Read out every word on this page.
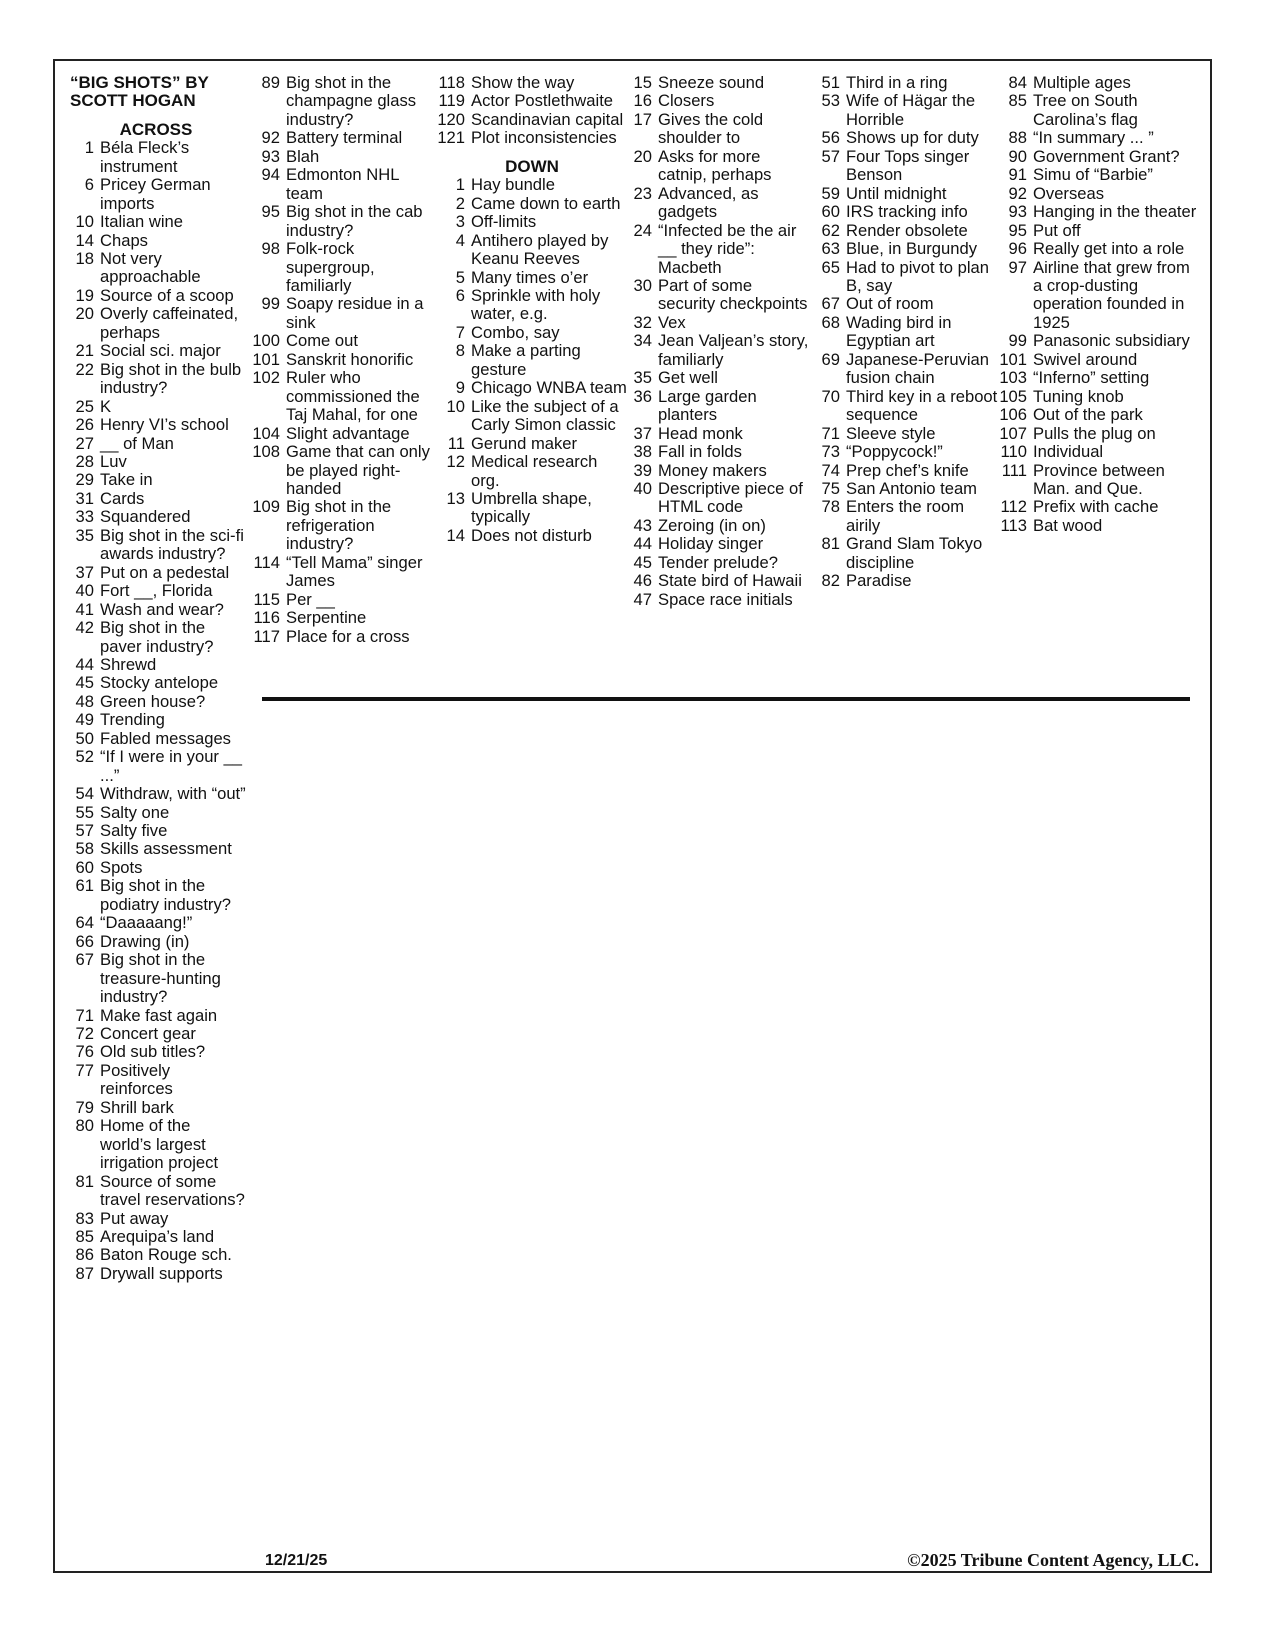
“BIG SHOTS” BY
SCOTT HOGAN
ACROSS
1 Béla Fleck’s instrument
6 Pricey German imports
10 Italian wine
14 Chaps
18 Not very approachable
19 Source of a scoop
20 Overly caffeinated, perhaps
21 Social sci. major
22 Big shot in the bulb industry?
25 K
26 Henry VI’s school
27 __ of Man
28 Luv
29 Take in
31 Cards
33 Squandered
35 Big shot in the sci-fi awards industry?
37 Put on a pedestal
40 Fort __, Florida
41 Wash and wear?
42 Big shot in the paver industry?
44 Shrewd
45 Stocky antelope
48 Green house?
49 Trending
50 Fabled messages
52 “If I were in your __ ...”
54 Withdraw, with “out”
55 Salty one
57 Salty five
58 Skills assessment
60 Spots
61 Big shot in the podiatry industry?
64 “Daaaaang!”
66 Drawing (in)
67 Big shot in the treasure-hunting industry?
71 Make fast again
72 Concert gear
76 Old sub titles?
77 Positively reinforces
79 Shrill bark
80 Home of the world’s largest irrigation project
81 Source of some travel reservations?
83 Put away
85 Arequipa’s land
86 Baton Rouge sch.
87 Drywall supports
89 Big shot in the champagne glass industry?
92 Battery terminal
93 Blah
94 Edmonton NHL team
95 Big shot in the cab industry?
98 Folk-rock supergroup, familiarly
99 Soapy residue in a sink
100 Come out
101 Sanskrit honorific
102 Ruler who commissioned the Taj Mahal, for one
104 Slight advantage
108 Game that can only be played right-handed
109 Big shot in the refrigeration industry?
114 “Tell Mama” singer James
115 Per __
116 Serpentine
117 Place for a cross
118 Show the way
119 Actor Postlethwaite
120 Scandinavian capital
121 Plot inconsistencies
DOWN
1 Hay bundle
2 Came down to earth
3 Off-limits
4 Antihero played by Keanu Reeves
5 Many times o’er
6 Sprinkle with holy water, e.g.
7 Combo, say
8 Make a parting gesture
9 Chicago WNBA team
10 Like the subject of a Carly Simon classic
11 Gerund maker
12 Medical research org.
13 Umbrella shape, typically
14 Does not disturb
15 Sneeze sound
16 Closers
17 Gives the cold shoulder to
20 Asks for more catnip, perhaps
23 Advanced, as gadgets
24 “Infected be the air __ they ride”: Macbeth
30 Part of some security checkpoints
32 Vex
34 Jean Valjean’s story, familiarly
35 Get well
36 Large garden planters
37 Head monk
38 Fall in folds
39 Money makers
40 Descriptive piece of HTML code
43 Zeroing (in on)
44 Holiday singer
45 Tender prelude?
46 State bird of Hawaii
47 Space race initials
51 Third in a ring
53 Wife of Hägar the Horrible
56 Shows up for duty
57 Four Tops singer Benson
59 Until midnight
60 IRS tracking info
62 Render obsolete
63 Blue, in Burgundy
65 Had to pivot to plan B, say
67 Out of room
68 Wading bird in Egyptian art
69 Japanese-Peruvian fusion chain
70 Third key in a reboot sequence
71 Sleeve style
73 “Poppycock!”
74 Prep chef’s knife
75 San Antonio team
78 Enters the room airily
81 Grand Slam Tokyo discipline
82 Paradise
84 Multiple ages
85 Tree on South Carolina’s flag
88 “In summary ... ”
90 Government Grant?
91 Simu of “Barbie”
92 Overseas
93 Hanging in the theater
95 Put off
96 Really get into a role
97 Airline that grew from a crop-dusting operation founded in 1925
99 Panasonic subsidiary
101 Swivel around
103 “Inferno” setting
105 Tuning knob
106 Out of the park
107 Pulls the plug on
110 Individual
111 Province between Man. and Que.
112 Prefix with cache
113 Bat wood
12/21/25	©2025 Tribune Content Agency, LLC.
